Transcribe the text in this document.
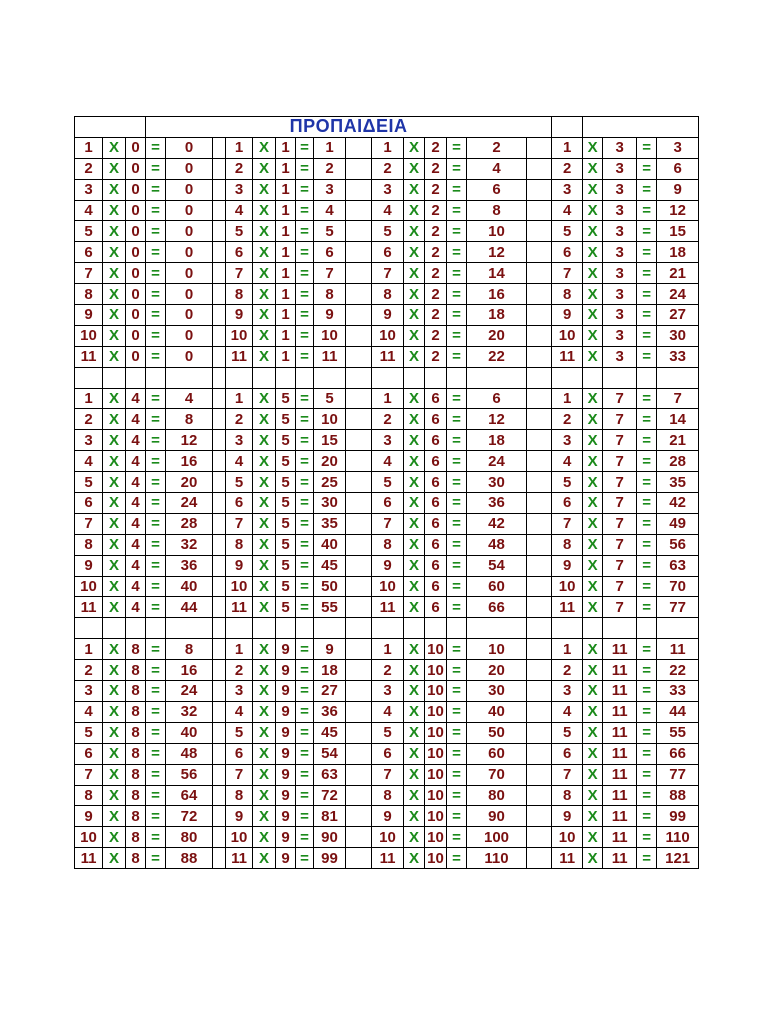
			ΠΡΟΠΑΙΔΕΙΑ																			
1	X	0	=	0		1	X	1	=	1		1	X	2	=	2		1	X	3	=	3
2	X	0	=	0		2	X	1	=	2		2	X	2	=	4		2	X	3	=	6
3	X	0	=	0		3	X	1	=	3		3	X	2	=	6		3	X	3	=	9
4	X	0	=	0		4	X	1	=	4		4	X	2	=	8		4	X	3	=	12
5	X	0	=	0		5	X	1	=	5		5	X	2	=	10		5	X	3	=	15
6	X	0	=	0		6	X	1	=	6		6	X	2	=	12		6	X	3	=	18
7	X	0	=	0		7	X	1	=	7		7	X	2	=	14		7	X	3	=	21
8	X	0	=	0		8	X	1	=	8		8	X	2	=	16		8	X	3	=	24
9	X	0	=	0		9	X	1	=	9		9	X	2	=	18		9	X	3	=	27
10	X	0	=	0		10	X	1	=	10		10	X	2	=	20		10	X	3	=	30
11	X	0	=	0		11	X	1	=	11		11	X	2	=	22		11	X	3	=	33

1	X	4	=	4		1	X	5	=	5		1	X	6	=	6		1	X	7	=	7
2	X	4	=	8		2	X	5	=	10		2	X	6	=	12		2	X	7	=	14
3	X	4	=	12		3	X	5	=	15		3	X	6	=	18		3	X	7	=	21
4	X	4	=	16		4	X	5	=	20		4	X	6	=	24		4	X	7	=	28
5	X	4	=	20		5	X	5	=	25		5	X	6	=	30		5	X	7	=	35
6	X	4	=	24		6	X	5	=	30		6	X	6	=	36		6	X	7	=	42
7	X	4	=	28		7	X	5	=	35		7	X	6	=	42		7	X	7	=	49
8	X	4	=	32		8	X	5	=	40		8	X	6	=	48		8	X	7	=	56
9	X	4	=	36		9	X	5	=	45		9	X	6	=	54		9	X	7	=	63
10	X	4	=	40		10	X	5	=	50		10	X	6	=	60		10	X	7	=	70
11	X	4	=	44		11	X	5	=	55		11	X	6	=	66		11	X	7	=	77

1	X	8	=	8		1	X	9	=	9		1	X	10	=	10		1	X	11	=	11
2	X	8	=	16		2	X	9	=	18		2	X	10	=	20		2	X	11	=	22
3	X	8	=	24		3	X	9	=	27		3	X	10	=	30		3	X	11	=	33
4	X	8	=	32		4	X	9	=	36		4	X	10	=	40		4	X	11	=	44
5	X	8	=	40		5	X	9	=	45		5	X	10	=	50		5	X	11	=	55
6	X	8	=	48		6	X	9	=	54		6	X	10	=	60		6	X	11	=	66
7	X	8	=	56		7	X	9	=	63		7	X	10	=	70		7	X	11	=	77
8	X	8	=	64		8	X	9	=	72		8	X	10	=	80		8	X	11	=	88
9	X	8	=	72		9	X	9	=	81		9	X	10	=	90		9	X	11	=	99
10	X	8	=	80		10	X	9	=	90		10	X	10	=	100		10	X	11	=	110
11	X	8	=	88		11	X	9	=	99		11	X	10	=	110		11	X	11	=	121
